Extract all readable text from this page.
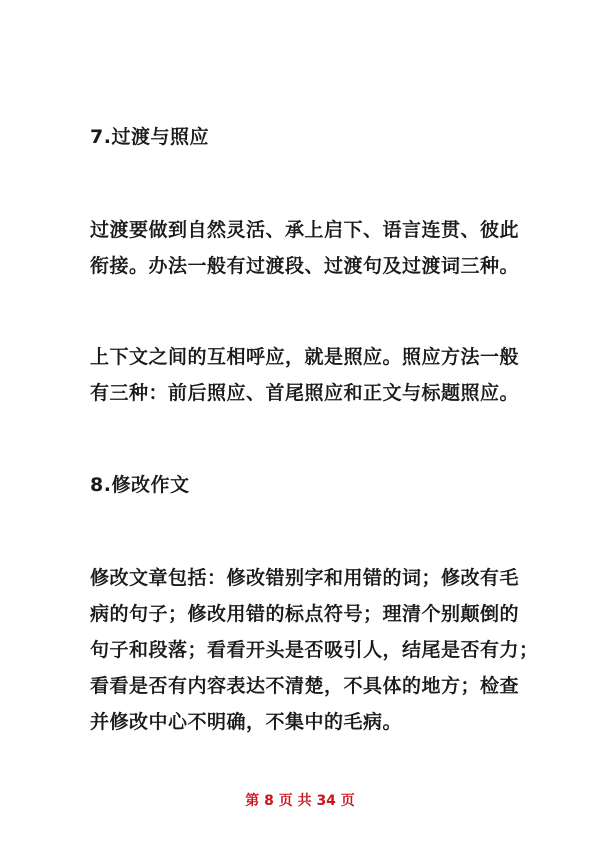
7.过渡与照应
过渡要做到自然灵活、承上启下、语言连贯、彼此
衔接。办法一般有过渡段、过渡句及过渡词三种。
上下文之间的互相呼应，就是照应。照应方法一般
有三种：前后照应、首尾照应和正文与标题照应。
8.修改作文
修改文章包括：修改错别字和用错的词；修改有毛
病的句子；修改用错的标点符号；理清个别颠倒的
句子和段落；看看开头是否吸引人，结尾是否有力；
看看是否有内容表达不清楚，不具体的地方；检查
并修改中心不明确，不集中的毛病。
第 8 页 共 34 页
